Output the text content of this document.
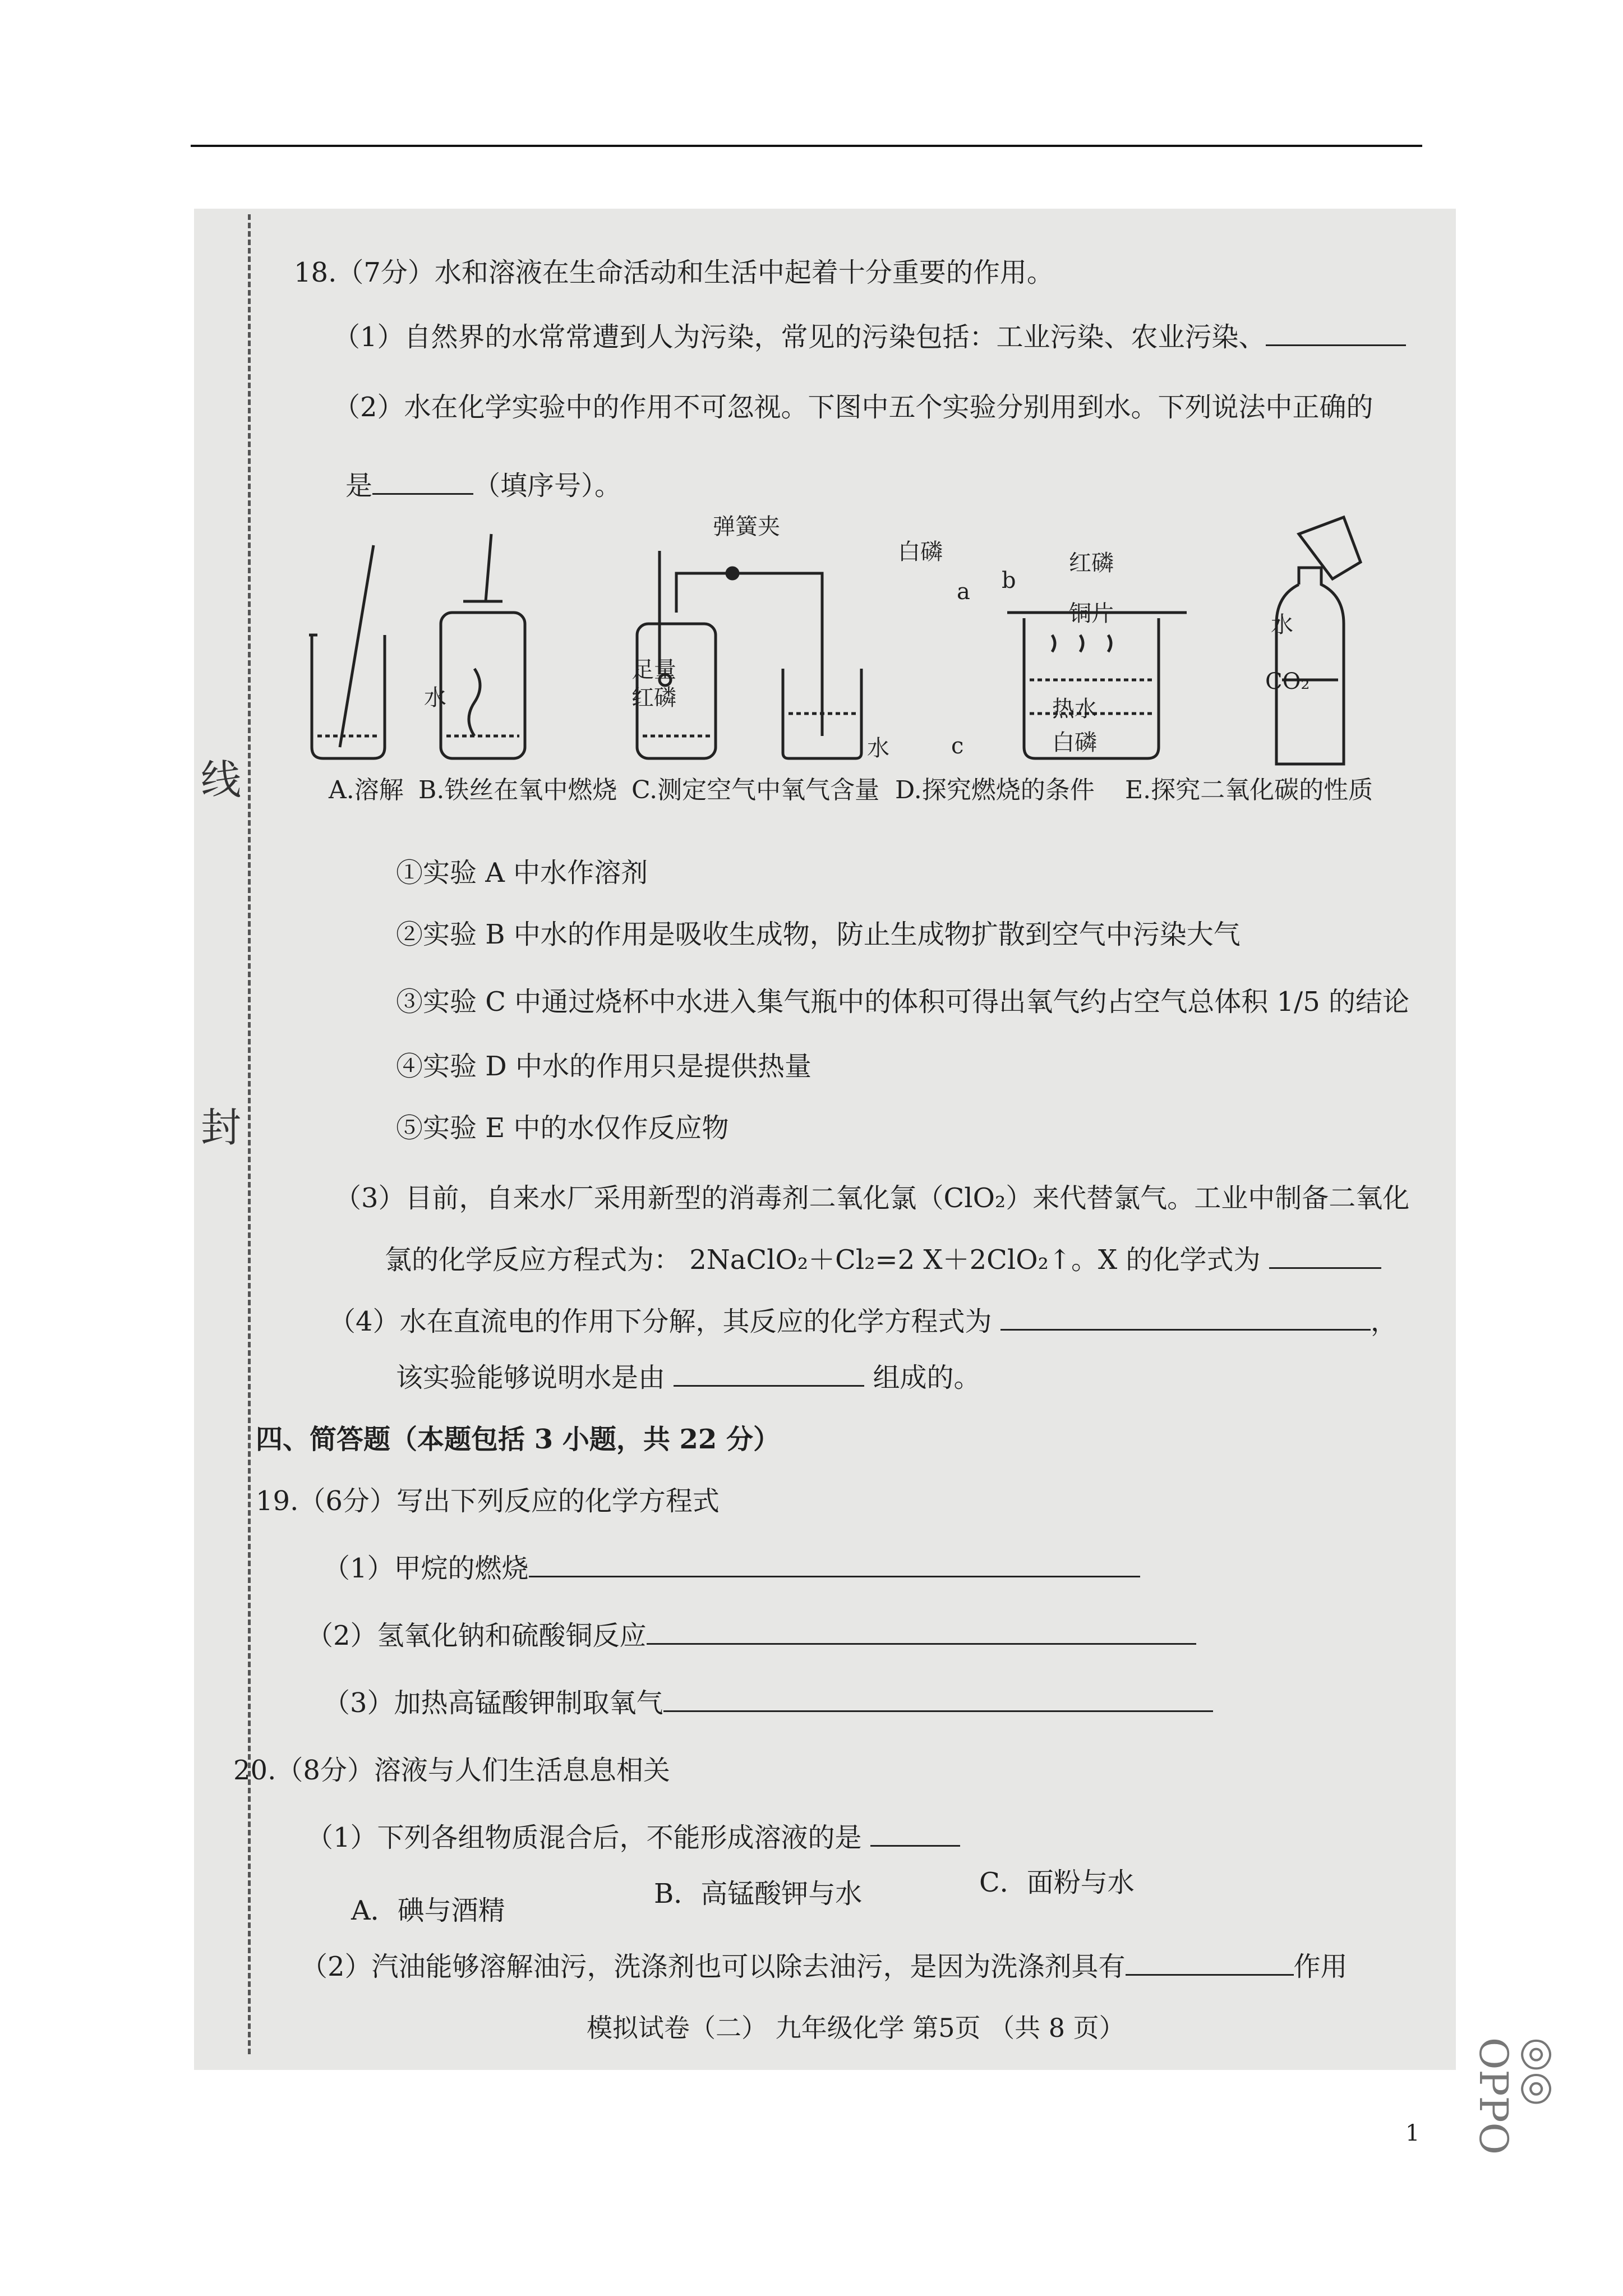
线
封
18.（7分）水和溶液在生命活动和生活中起着十分重要的作用。
（1）自然界的水常常遭到人为污染，常见的污染包括：工业污染、农业污染、
（2）水在化学实验中的作用不可忽视。下图中五个实验分别用到水。下列说法中正确的
是	（填序号）。
弹簧夹
白磷
a b
红磷
铜片
水
足量
红磷
水
热水
白磷
c
水
CO₂
A.溶解 B.铁丝在氧中燃烧 C.测定空气中氧气含量 D.探究燃烧的条件 E.探究二氧化碳的性质
①实验 A 中水作溶剂
②实验 B 中水的作用是吸收生成物，防止生成物扩散到空气中污染大气
③实验 C 中通过烧杯中水进入集气瓶中的体积可得出氧气约占空气总体积 1/5 的结论
④实验 D 中水的作用只是提供热量
⑤实验 E 中的水仅作反应物
（3）目前，自来水厂采用新型的消毒剂二氧化氯（ClO₂）来代替氯气。工业中制备二氧化
氯的化学反应方程式为： 2NaClO₂＋Cl₂=2 X＋2ClO₂↑。X 的化学式为
（4）水在直流电的作用下分解，其反应的化学方程式为	，
该实验能够说明水是由	组成的。
四、简答题（本题包括 3 小题，共 22 分）
19.（6分）写出下列反应的化学方程式
（1）甲烷的燃烧
（2）氢氧化钠和硫酸铜反应
（3）加热高锰酸钾制取氧气
20.（8分）溶液与人们生活息息相关
（1）下列各组物质混合后，不能形成溶液的是
A．碘与酒精
B．高锰酸钾与水	C．面粉与水
（2）汽油能够溶解油污，洗涤剂也可以除去油污，是因为洗涤剂具有	作用
模拟试卷（二） 九年级化学 第5页 （共 8 页）
◎◎ OPPO
1
